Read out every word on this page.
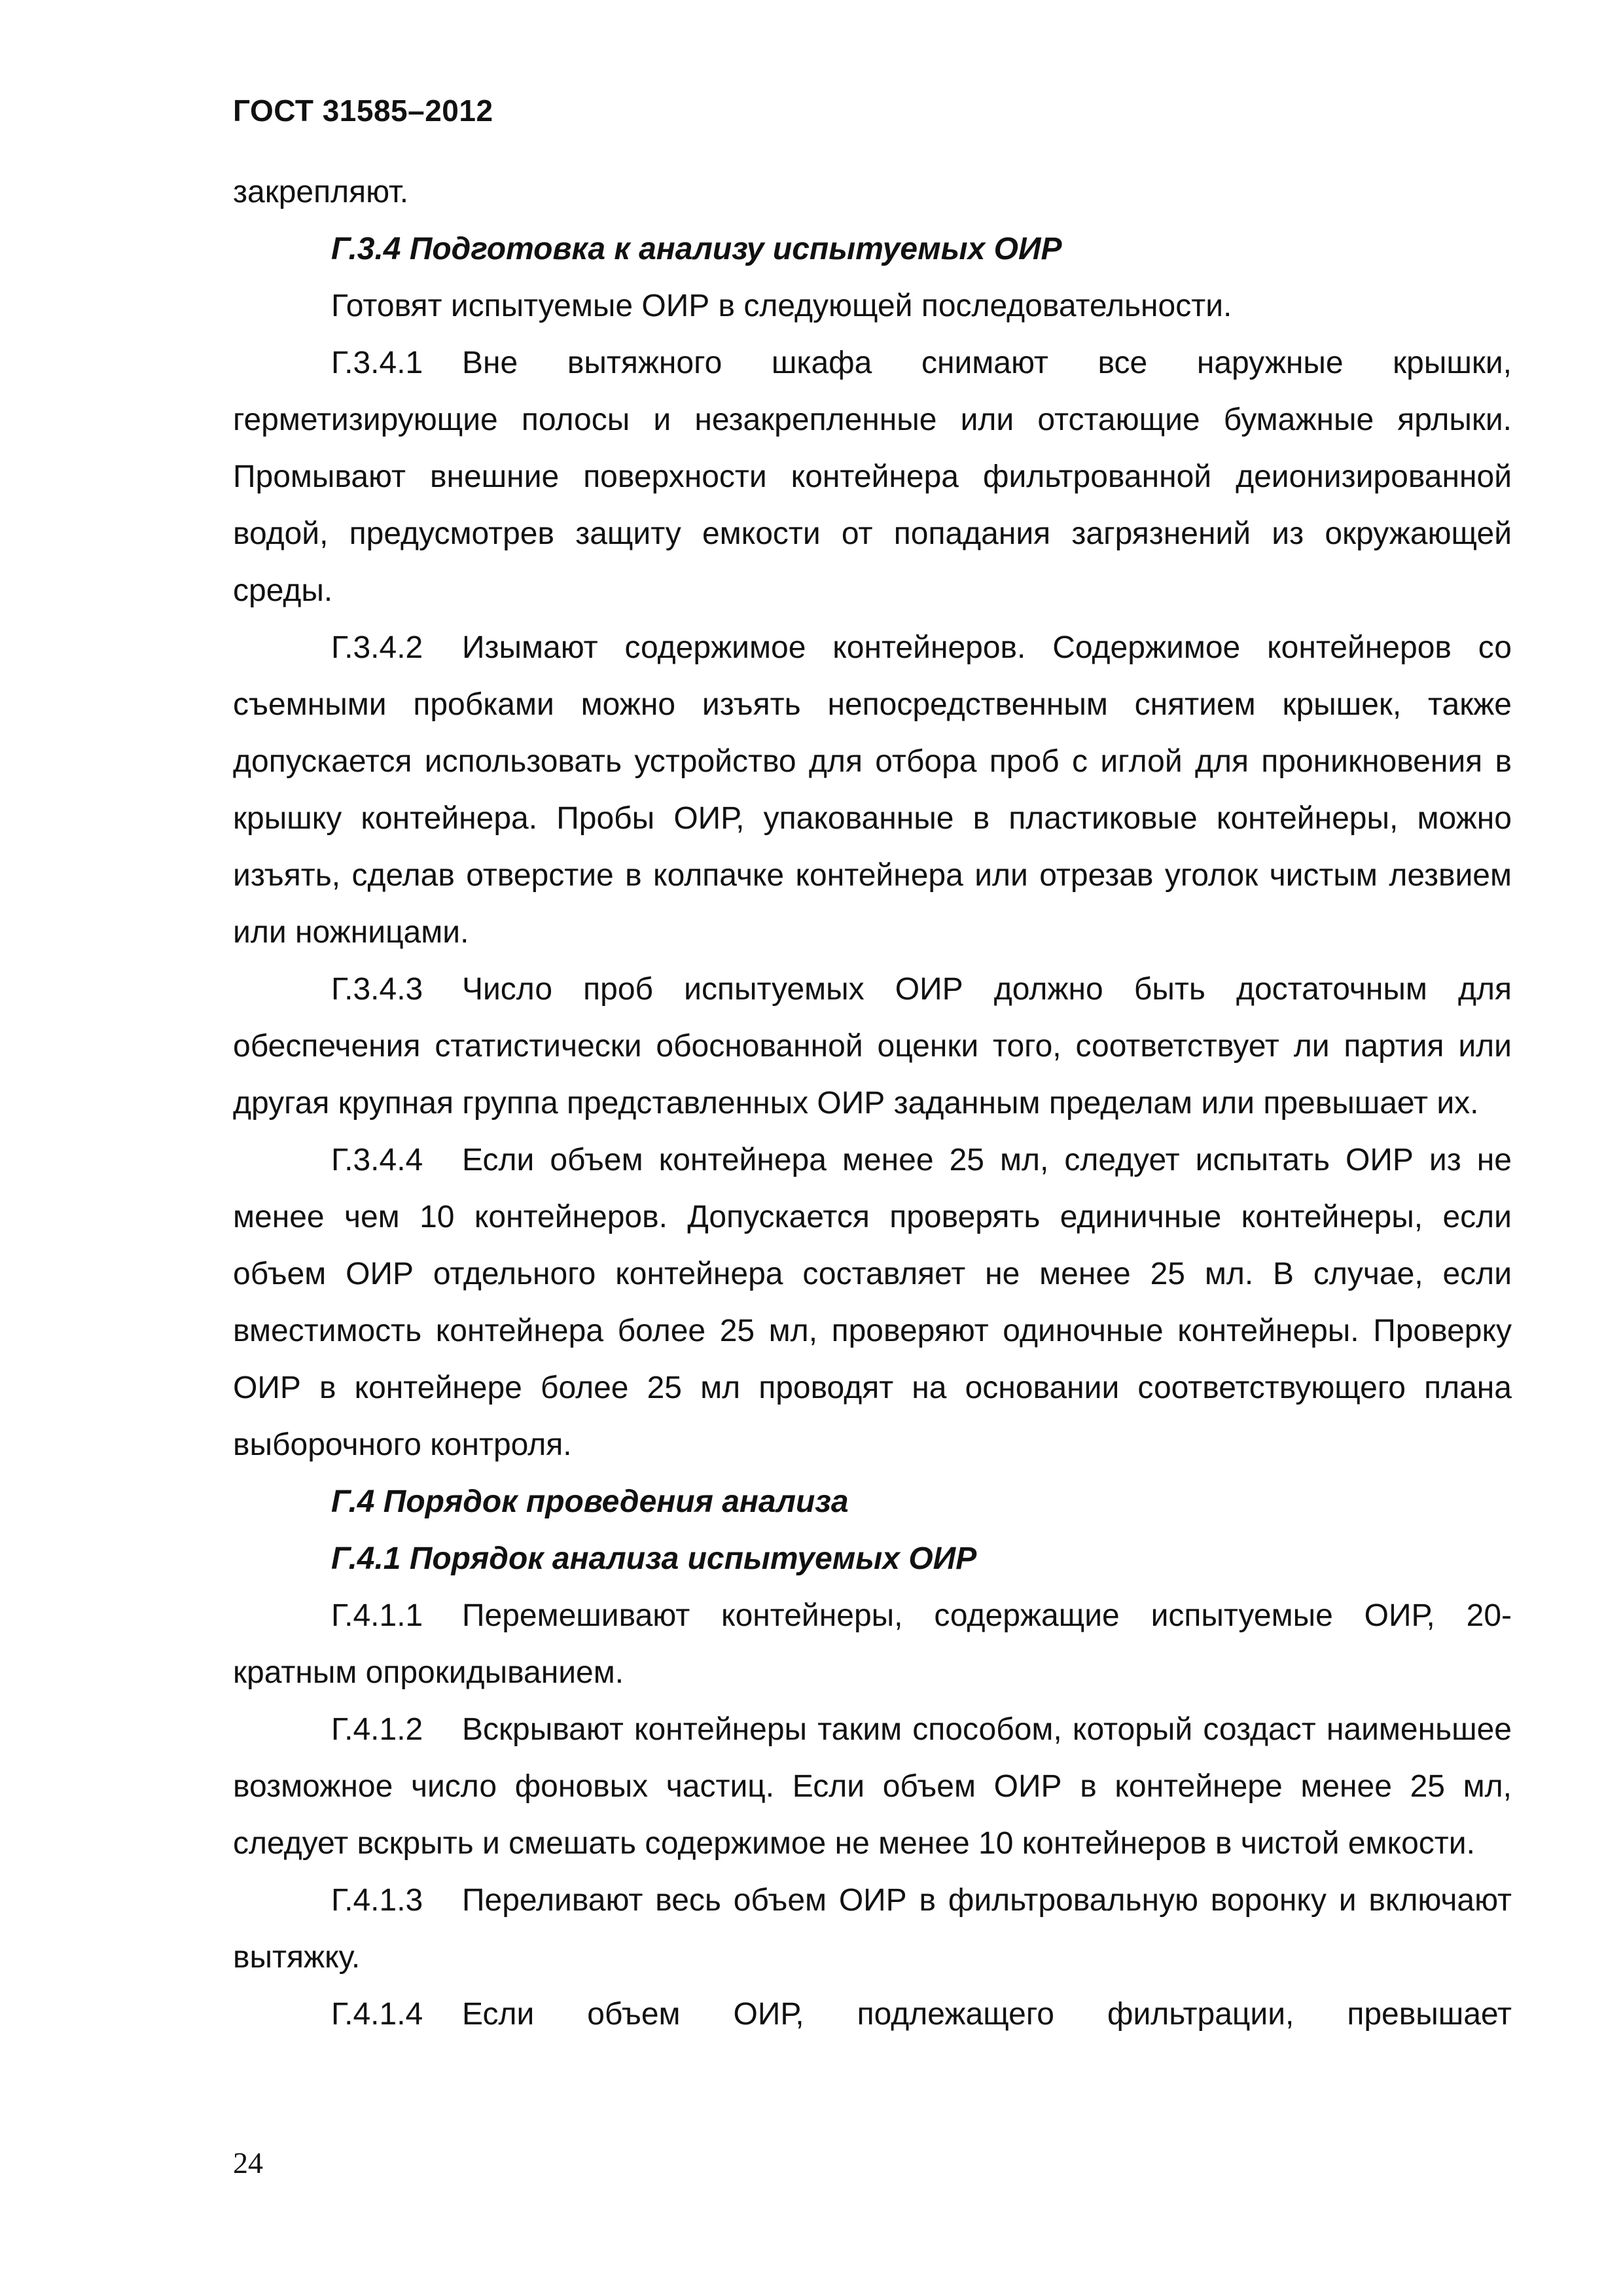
ГОСТ 31585–2012

закрепляют.

Г.3.4 Подготовка к анализу испытуемых ОИР

Готовят испытуемые ОИР в следующей последовательности.

Г.3.4.1 Вне вытяжного шкафа снимают все наружные крышки, герметизирующие полосы и незакрепленные или отстающие бумажные ярлыки. Промывают внешние поверхности контейнера фильтрованной деионизированной водой, предусмотрев защиту емкости от попадания загрязнений из окружающей среды.

Г.3.4.2 Изымают содержимое контейнеров. Содержимое контейнеров со съемными пробками можно изъять непосредственным снятием крышек, также допускается использовать устройство для отбора проб с иглой для проникновения в крышку контейнера. Пробы ОИР, упакованные в пластиковые контейнеры, можно изъять, сделав отверстие в колпачке контейнера или отрезав уголок чистым лезвием или ножницами.

Г.3.4.3 Число проб испытуемых ОИР должно быть достаточным для обеспечения статистически обоснованной оценки того, соответствует ли партия или другая крупная группа представленных ОИР заданным пределам или превышает их.

Г.3.4.4 Если объем контейнера менее 25 мл, следует испытать ОИР из не менее чем 10 контейнеров. Допускается проверять единичные контейнеры, если объем ОИР отдельного контейнера составляет не менее 25 мл. В случае, если вместимость контейнера более 25 мл, проверяют одиночные контейнеры. Проверку ОИР в контейнере более 25 мл проводят на основании соответствующего плана выборочного контроля.

Г.4 Порядок проведения анализа

Г.4.1 Порядок анализа испытуемых ОИР

Г.4.1.1 Перемешивают контейнеры, содержащие испытуемые ОИР, 20-кратным опрокидыванием.

Г.4.1.2 Вскрывают контейнеры таким способом, который создаст наименьшее возможное число фоновых частиц. Если объем ОИР в контейнере менее 25 мл, следует вскрыть и смешать содержимое не менее 10 контейнеров в чистой емкости.

Г.4.1.3 Переливают весь объем ОИР в фильтровальную воронку и включают вытяжку.

Г.4.1.4 Если объем ОИР, подлежащего фильтрации, превышает

24
